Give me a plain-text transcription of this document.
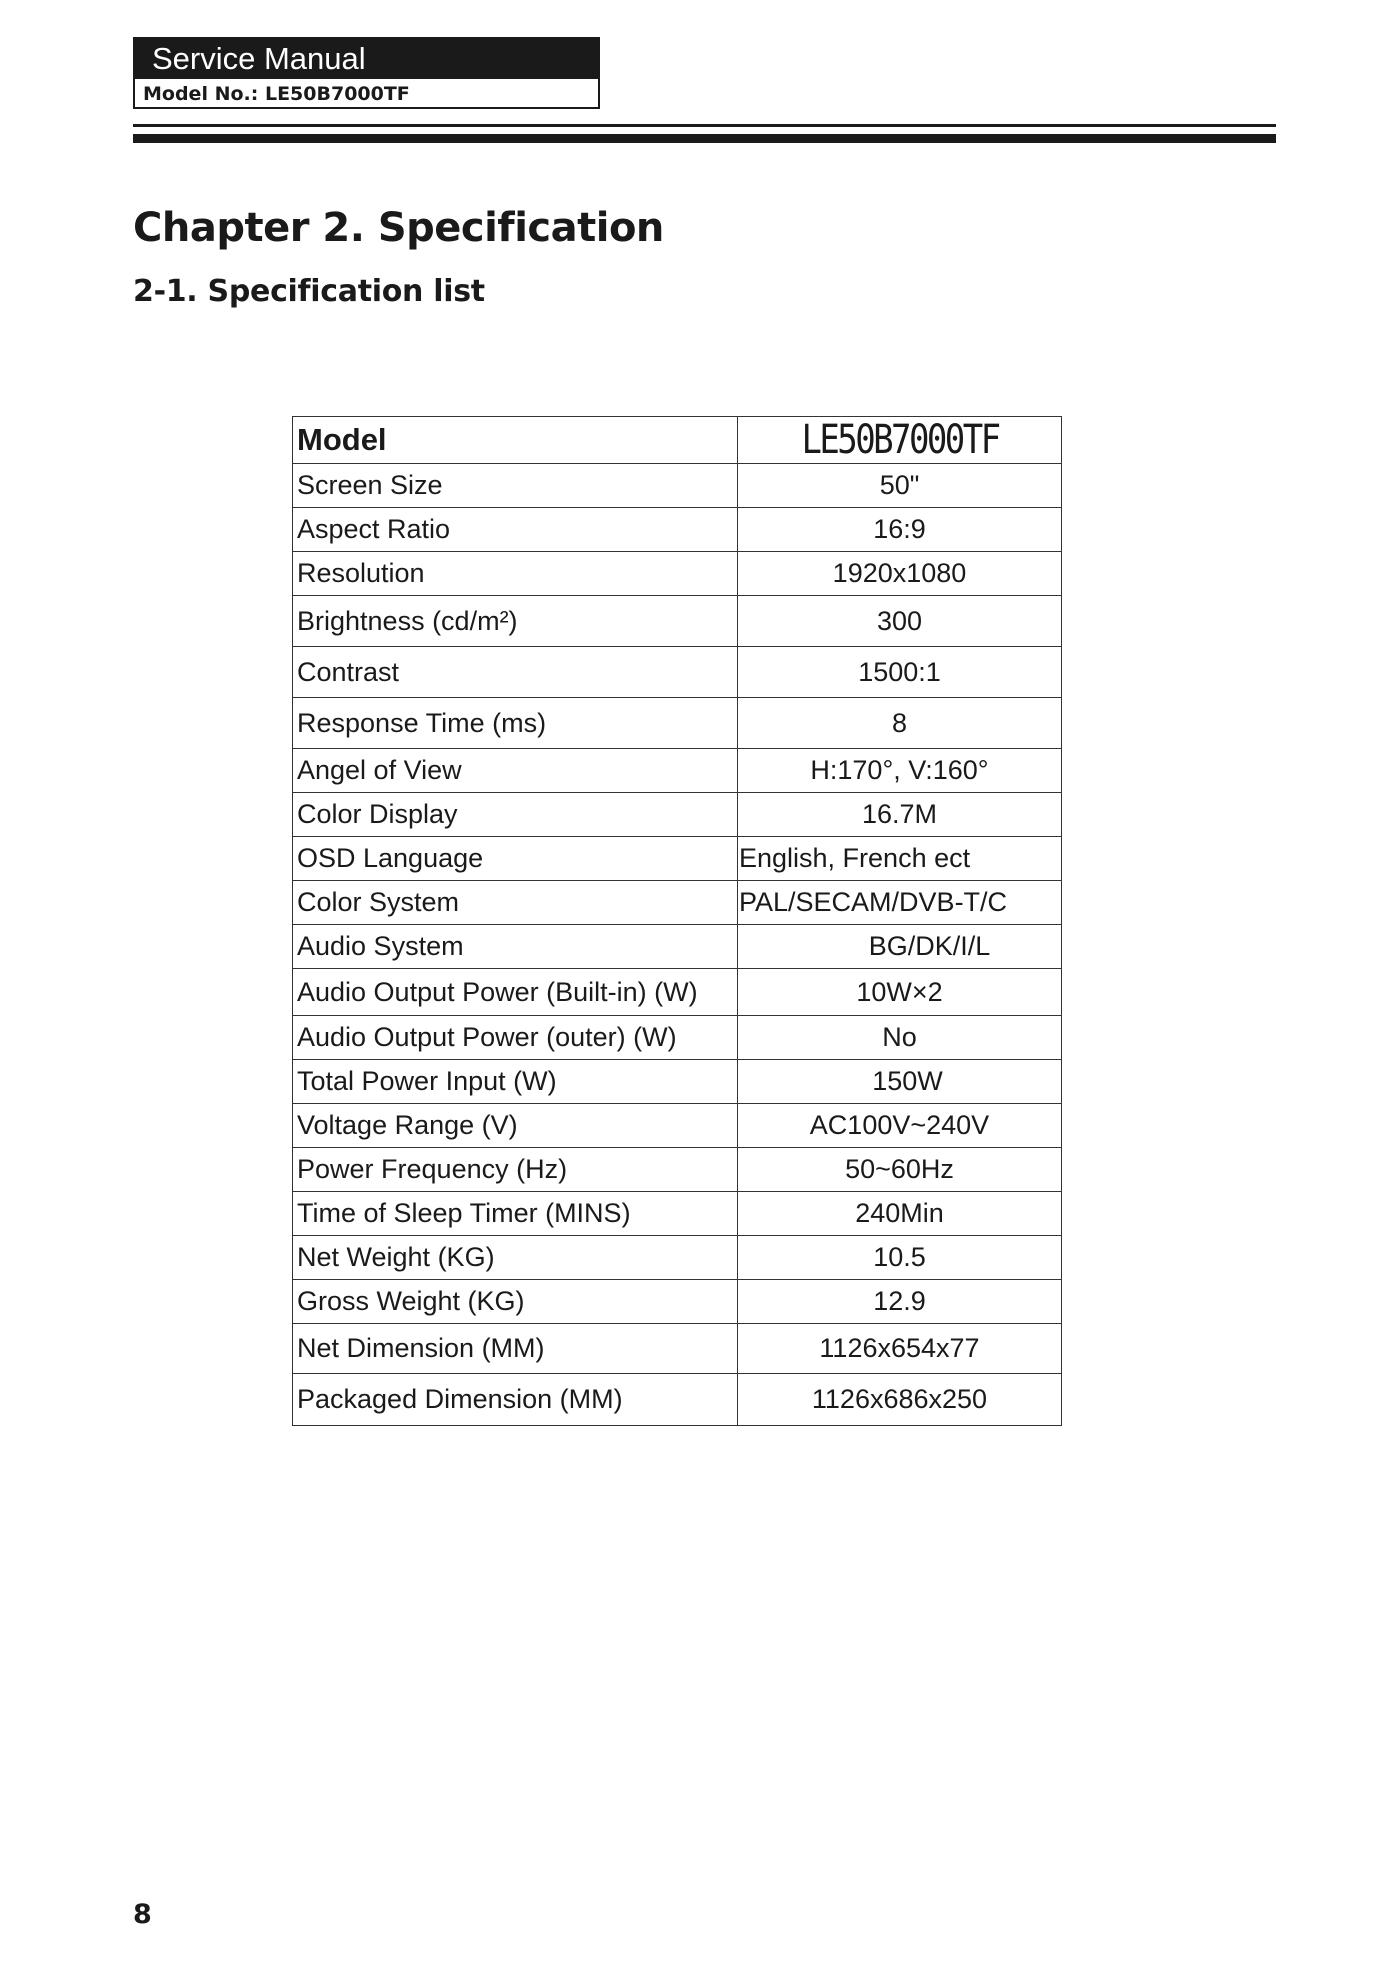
Service Manual
Model No.: LE50B7000TF
Chapter 2. Specification
2-1. Specification list
Model	LE50B7000TF
Screen Size	50"
Aspect Ratio	16:9
Resolution	1920x1080
Brightness (cd/m²)	300
Contrast	1500:1
Response Time (ms)	8
Angel of View	H:170°, V:160°
Color Display	16.7M
OSD Language	English, French ect
Color System	PAL/SECAM/DVB-T/C
Audio System	BG/DK/I/L
Audio Output Power (Built-in) (W)	10W×2
Audio Output Power (outer) (W)	No
Total Power Input (W)	150W
Voltage Range (V)	AC100V~240V
Power Frequency (Hz)	50~60Hz
Time of Sleep Timer (MINS)	240Min
Net Weight (KG)	10.5
Gross Weight (KG)	12.9
Net Dimension (MM)	1126x654x77
Packaged Dimension (MM)	1126x686x250
8
